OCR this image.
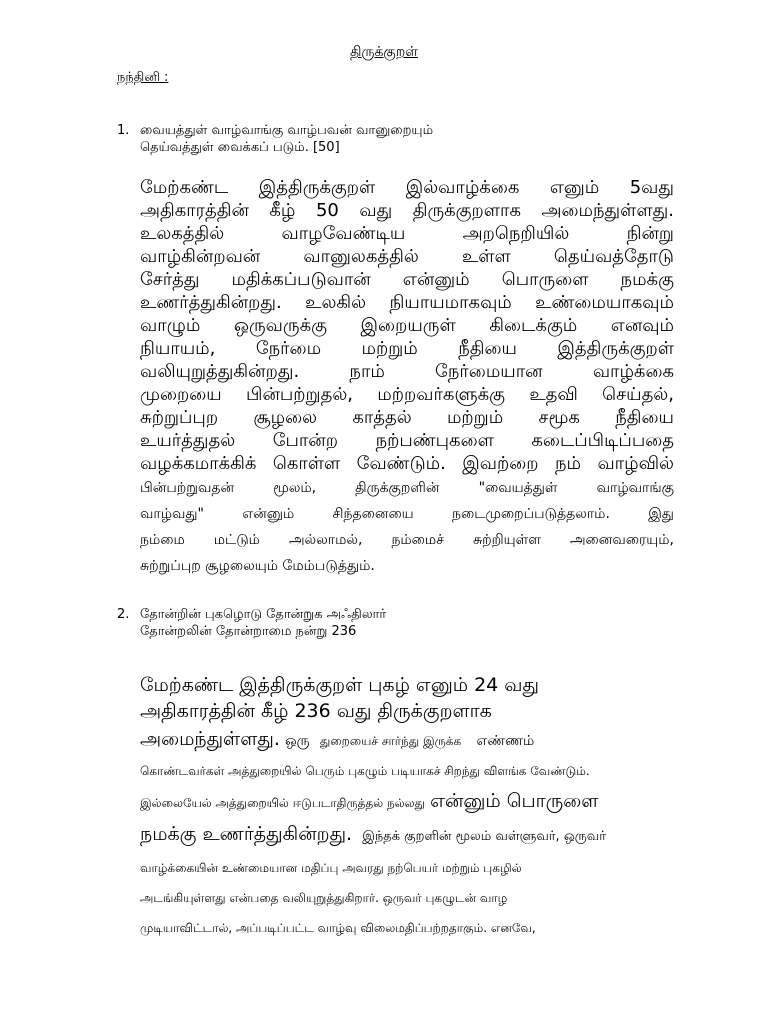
திருக்குறள்
நந்தினி :
1. வையத்துள் வாழ்வாங்கு வாழ்பவன் வானுறையும்
தெய்வத்துள் வைக்கப் படும். [50]
மேற்கண்ட இத்திருக்குறள் இல்வாழ்க்கை எனும் 5வது
அதிகாரத்தின் கீழ் 50 வது திருக்குறளாக அமைந்துள்ளது.
உலகத்தில்	வாழவேண்டிய	அறநெறியில்	நின்று
வாழ்கின்றவன் வானுலகத்தில் உள்ள தெய்வத்தோடு
சேர்த்து மதிக்கப்படுவான் என்னும் பொருளை நமக்கு
உணர்த்துகின்றது. உலகில் நியாயமாகவும் உண்மையாகவும்
வாழும் ஒருவருக்கு இறையருள் கிடைக்கும் எனவும்
நியாயம், நேர்மை மற்றும் நீதியை இத்திருக்குறள்
வலியுறுத்துகின்றது.	நாம்	நேர்மையான	வாழ்க்கை
முறையை பின்பற்றுதல், மற்றவர்களுக்கு உதவி செய்தல்,
சுற்றுப்புற சூழலை காத்தல் மற்றும் சமூக நீதியை
உயர்த்துதல் போன்ற நற்பண்புகளை கடைப்பிடிப்பதை
வழக்கமாக்கிக் கொள்ள வேண்டும். இவற்றை நம் வாழ்வில்
பின்பற்றுவதன்	மூலம்,	திருக்குறளின்	"வையத்துள்	வாழ்வாங்கு
வாழ்வது"	என்னும்	சிந்தனையை	நடைமுறைப்படுத்தலாம்.	இது
நம்மை மட்டும் அல்லாமல், நம்மைச் சுற்றியுள்ள அனைவரையும்,
சுற்றுப்புற சூழலையும் மேம்படுத்தும்.
2. தோன்றின் புகழொடு தோன்றுக அஃதிலார்
தோன்றலின் தோன்றாமை நன்று 236
மேற்கண்ட இத்திருக்குறள் புகழ் எனும் 24 வது
அதிகாரத்தின் கீழ் 236 வது திருக்குறளாக
அமைந்துள்ளது. ஒரு துறையைச் சார்ந்து இருக்க எண்ணம்
கொண்டவர்கள் அத்துறையில் பெரும் புகழும் படியாகச் சிறந்து விளங்க வேண்டும்.
இல்லையேல் அத்துறையில் ஈடுபடாதிருத்தல் நல்லது என்னும் பொருளை
நமக்கு உணர்த்துகின்றது. இந்தக் குறளின் மூலம் வள்ளுவர், ஒருவர்
வாழ்க்கையின் உண்மையான மதிப்பு அவரது நற்பெயர் மற்றும் புகழில்
அடங்கியுள்ளது என்பதை வலியுறுத்துகிறார். ஒருவர் புகழுடன் வாழ
முடியாவிட்டால், அப்படிப்பட்ட வாழ்வு விலைமதிப்பற்றதாகும். எனவே,
